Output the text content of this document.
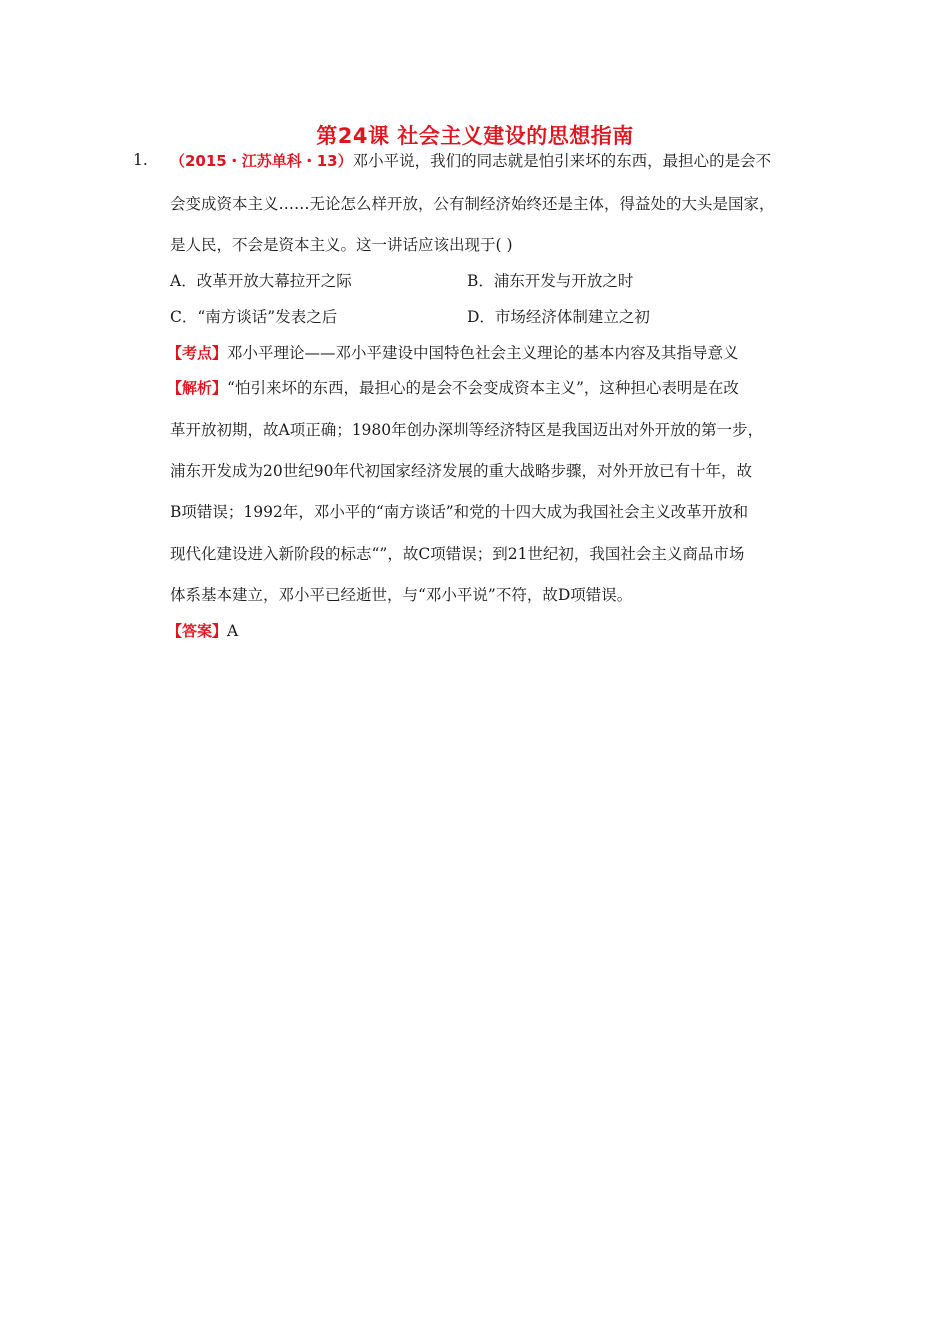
第24课 社会主义建设的思想指南
1. （2015・江苏单科・13）邓小平说，我们的同志就是怕引来坏的东西，最担心的是会不
会变成资本主义……无论怎么样开放，公有制经济始终还是主体，得益处的大头是国家，
是人民，不会是资本主义。这一讲话应该出现于( )
A．改革开放大幕拉开之际	B．浦东开发与开放之时
C．“南方谈话”发表之后	D．市场经济体制建立之初
【考点】邓小平理论——邓小平建设中国特色社会主义理论的基本内容及其指导意义
【解析】“怕引来坏的东西，最担心的是会不会变成资本主义”，这种担心表明是在改
革开放初期，故A项正确；1980年创办深圳等经济特区是我国迈出对外开放的第一步，
浦东开发成为20世纪90年代初国家经济发展的重大战略步骤，对外开放已有十年，故
B项错误；1992年，邓小平的“南方谈话”和党的十四大成为我国社会主义改革开放和
现代化建设进入新阶段的标志“”，故C项错误；到21世纪初，我国社会主义商品市场
体系基本建立，邓小平已经逝世，与“邓小平说”不符，故D项错误。
【答案】A
